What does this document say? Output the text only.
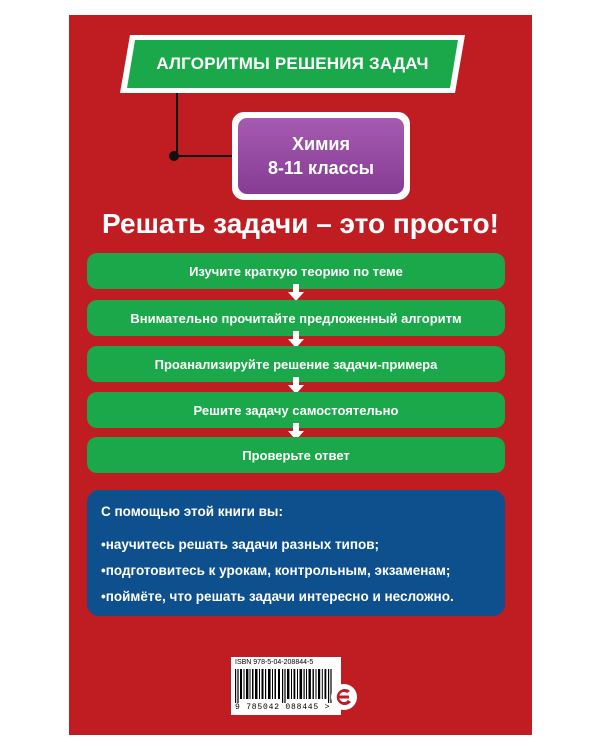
АЛГОРИТМЫ РЕШЕНИЯ ЗАДАЧ
Химия
8-11 классы
Решать задачи – это просто!
Изучите краткую теорию по теме
Внимательно прочитайте предложенный алгоритм
Проанализируйте решение задачи-примера
Решите задачу самостоятельно
Проверьте ответ
С помощью этой книги вы:
•научитесь решать задачи разных типов;
•подготовитесь к урокам, контрольным, экзаменам;
•поймёте, что решать задачи интересно и несложно.
ISBN 978-5-04-208844-5
9 785042 088445 >
